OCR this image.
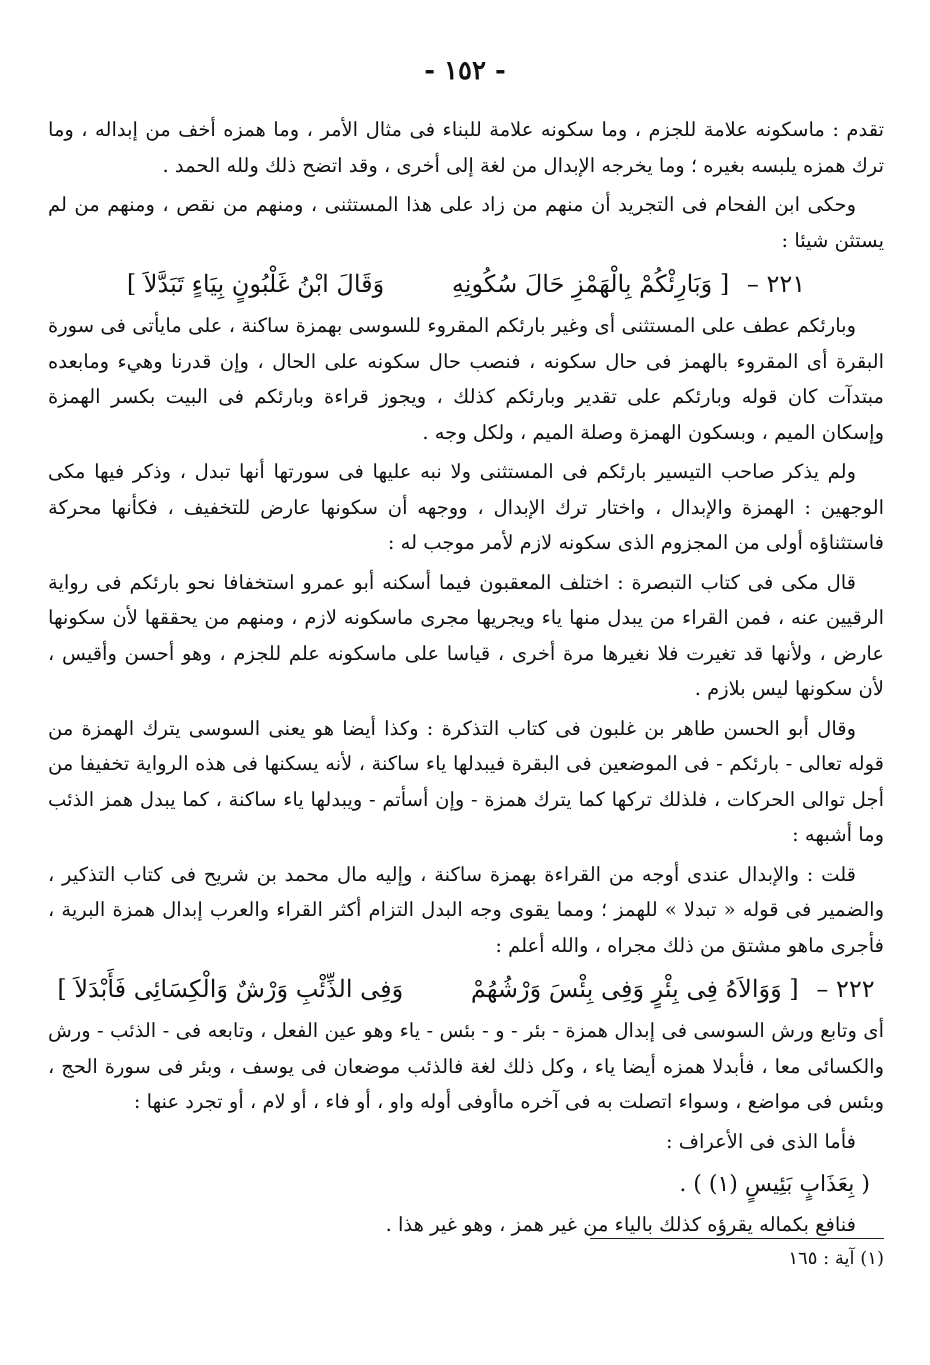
- ١٥٢ -

تقدم : ماسكونه علامة للجزم ، وما سكونه علامة للبناء فى مثال الأمر ، وما همزه أخف من إبداله ، وما ترك همزه يلبسه بغيره ؛ وما يخرجه الإبدال من لغة إلى أخرى ، وقد اتضح ذلك ولله الحمد .

وحكى ابن الفحام فى التجريد أن منهم من زاد على هذا المستثنى ، ومنهم من نقص ، ومنهم من لم يستثن شيئا :

٢٢١ – [ وَبَارِئْكُمْ بِالْهَمْزِ حَالَ سُكُونِهِ وَقَالَ ابْنُ غَلْبُونٍ بِيَاءٍ تَبَدَّلاَ ]

وبارئكم عطف على المستثنى أى وغير بارئكم المقروء للسوسى بهمزة ساكنة ، على مايأتى فى سورة البقرة أى المقروء بالهمز فى حال سكونه ، فنصب حال سكونه على الحال ، وإن قدرنا وهيء ومابعده مبتدآت كان قوله وبارئكم على تقدير وبارئكم كذلك ، ويجوز قراءة وبارئكم فى البيت بكسر الهمزة وإسكان الميم ، وبسكون الهمزة وصلة الميم ، ولكل وجه .

ولم يذكر صاحب التيسير بارئكم فى المستثنى ولا نبه عليها فى سورتها أنها تبدل ، وذكر فيها مكى الوجهين : الهمزة والإبدال ، واختار ترك الإبدال ، ووجهه أن سكونها عارض للتخفيف ، فكأنها محركة فاستثناؤه أولى من المجزوم الذى سكونه لازم لأمر موجب له :

قال مكى فى كتاب التبصرة : اختلف المعقبون فيما أسكنه أبو عمرو استخفافا نحو بارئكم فى رواية الرقيين عنه ، فمن القراء من يبدل منها ياء ويجريها مجرى ماسكونه لازم ، ومنهم من يحققها لأن سكونها عارض ، ولأنها قد تغيرت فلا نغيرها مرة أخرى ، قياسا على ماسكونه علم للجزم ، وهو أحسن وأقيس ، لأن سكونها ليس بلازم .

وقال أبو الحسن طاهر بن غلبون فى كتاب التذكرة : وكذا أيضا هو يعنى السوسى يترك الهمزة من قوله تعالى - بارئكم - فى الموضعين فى البقرة فيبدلها ياء ساكنة ، لأنه يسكنها فى هذه الرواية تخفيفا من أجل توالى الحركات ، فلذلك تركها كما يترك همزة - وإن أسأتم - ويبدلها ياء ساكنة ، كما يبدل همز الذئب وما أشبهه :

قلت : والإبدال عندى أوجه من القراءة بهمزة ساكنة ، وإليه مال محمد بن شريح فى كتاب التذكير ، والضمير فى قوله « تبدلا » للهمز ؛ ومما يقوى وجه البدل التزام أكثر القراء والعرب إبدال همزة البرية ، فأجرى ماهو مشتق من ذلك مجراه ، والله أعلم :

٢٢٢ – [ وَوَالاَهُ فِى بِئْرٍ وَفِى بِئْسَ وَرْشُهُمْ وَفِى الذِّئْبِ وَرْشٌ وَالْكِسَائِى فَأَبْدَلاَ ]

أى وتابع ورش السوسى فى إبدال همزة - بئر - و - بئس - ياء وهو عين الفعل ، وتابعه فى - الذئب - ورش والكسائى معا ، فأبدلا همزه أيضا ياء ، وكل ذلك لغة فالذئب موضعان فى يوسف ، وبئر فى سورة الحج ، وبئس فى مواضع ، وسواء اتصلت به فى آخره ماأوفى أوله واو ، أو فاء ، أو لام ، أو تجرد عنها :

فأما الذى فى الأعراف :

( بِعَذَابٍ بَئِيسٍ (١) ) .

فنافع بكماله يقرؤه كذلك بالياء من غير همز ، وهو غير هذا .

(١) آية : ١٦٥
